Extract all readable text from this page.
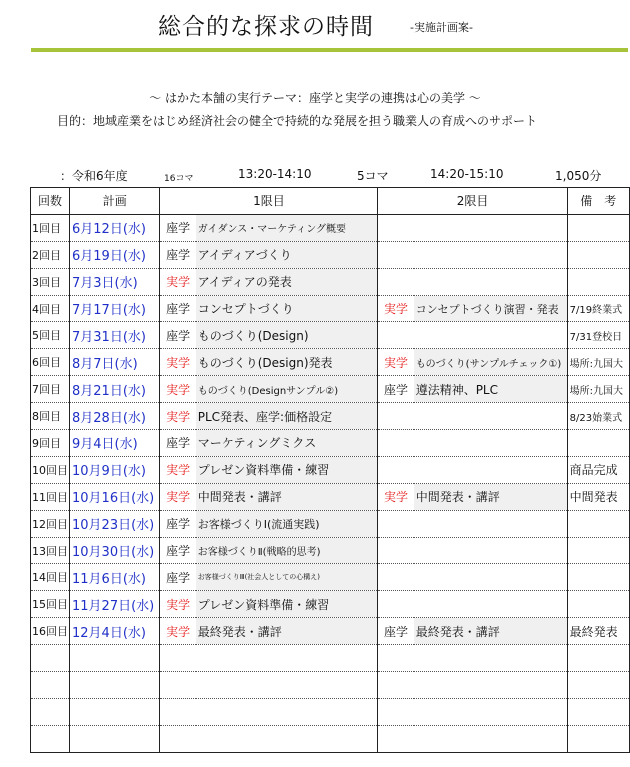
総合的な探求の時間	-実施計画案-
～ はかた本舗の実行テーマ：座学と実学の連携は心の美学 ～
目的：地域産業をはじめ経済社会の健全で持続的な発展を担う職業人の育成へのサポート
：令和6年度	16コマ	13:20-14:10	5コマ	14:20-15:10	1,050分
回数	計画	1限目		2限目		備　考
1回目	6月12日(水)	座学	ガイダンス・マーケティング概要			
2回目	6月19日(水)	座学	アイディアづくり			
3回目	7月3日(水)	実学	アイディアの発表			
4回目	7月17日(水)	座学	コンセプトづくり	実学	コンセプトづくり演習・発表	7/19終業式
5回目	7月31日(水)	座学	ものづくり(Design)			7/31登校日
6回目	8月7日(水)	実学	ものづくり(Design)発表	実学	ものづくり(サンプルチェック①)	場所:九国大
7回目	8月21日(水)	実学	ものづくり(Designサンプル②)	座学	遵法精神、PLC	場所:九国大
8回目	8月28日(水)	実学	PLC発表、座学:価格設定			8/23始業式
9回目	9月4日(水)	座学	マーケティングミクス			
10回目	10月9日(水)	実学	プレゼン資料準備・練習			商品完成
11回目	10月16日(水)	実学	中間発表・講評	実学	中間発表・講評	中間発表
12回目	10月23日(水)	座学	お客様づくりⅠ(流通実践)			
13回目	10月30日(水)	座学	お客様づくりⅡ(戦略的思考)			
14回目	11月6日(水)	座学	お客様づくりⅢ(社会人としての心構え)			
15回目	11月27日(水)	実学	プレゼン資料準備・練習			
16回目	12月4日(水)	実学	最終発表・講評	座学	最終発表・講評	最終発表
